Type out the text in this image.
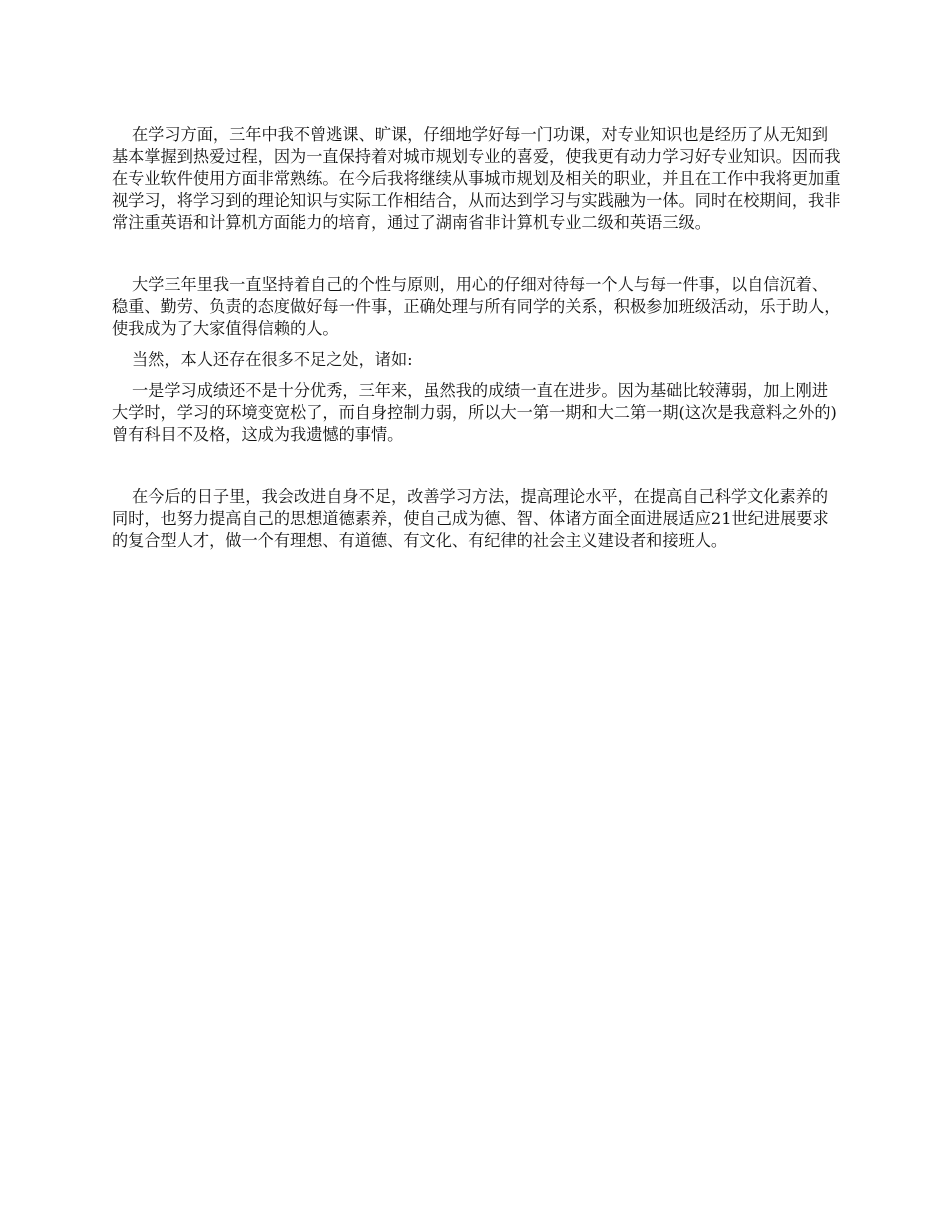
在学习方面，三年中我不曾逃课、旷课，仔细地学好每一门功课，对专业知识也是经历了从无知到基本掌握到热爱过程，因为一直保持着对城市规划专业的喜爱，使我更有动力学习好专业知识。因而我在专业软件使用方面非常熟练。在今后我将继续从事城市规划及相关的职业，并且在工作中我将更加重视学习，将学习到的理论知识与实际工作相结合，从而达到学习与实践融为一体。同时在校期间，我非常注重英语和计算机方面能力的培育，通过了湖南省非计算机专业二级和英语三级。

大学三年里我一直坚持着自己的个性与原则，用心的仔细对待每一个人与每一件事，以自信沉着、稳重、勤劳、负责的态度做好每一件事，正确处理与所有同学的关系，积极参加班级活动，乐于助人，使我成为了大家值得信赖的人。

当然，本人还存在很多不足之处，诸如:

一是学习成绩还不是十分优秀，三年来，虽然我的成绩一直在进步。因为基础比较薄弱，加上刚进大学时，学习的环境变宽松了，而自身控制力弱，所以大一第一期和大二第一期(这次是我意料之外的)曾有科目不及格，这成为我遗憾的事情。

在今后的日子里，我会改进自身不足，改善学习方法，提高理论水平，在提高自己科学文化素养的同时，也努力提高自己的思想道德素养，使自己成为德、智、体诸方面全面进展适应21世纪进展要求的复合型人才，做一个有理想、有道德、有文化、有纪律的社会主义建设者和接班人。
